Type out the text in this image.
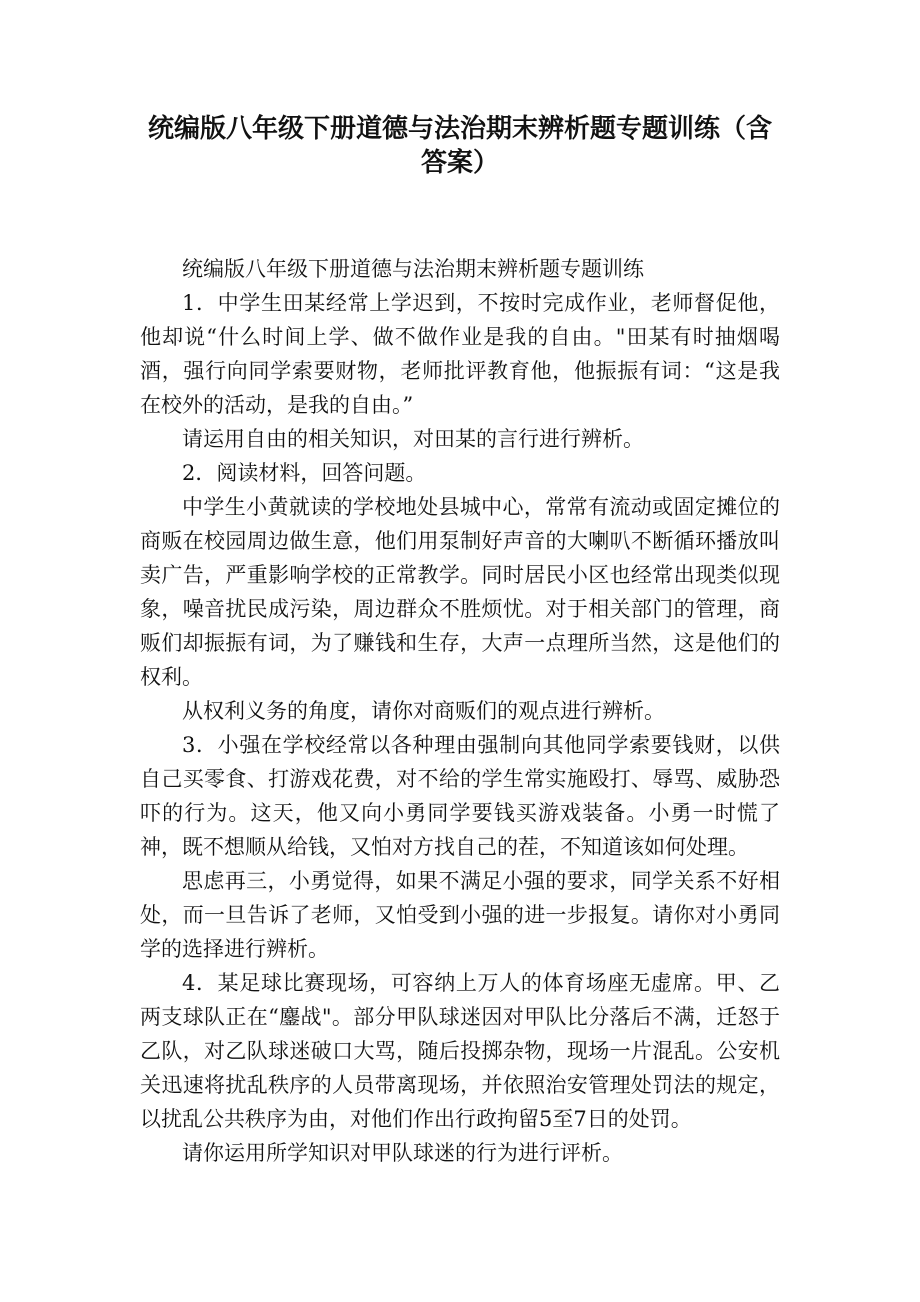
统编版八年级下册道德与法治期末辨析题专题训练（含答案）

统编版八年级下册道德与法治期末辨析题专题训练

1．中学生田某经常上学迟到，不按时完成作业，老师督促他，他却说“什么时间上学、做不做作业是我的自由。"田某有时抽烟喝酒，强行向同学索要财物，老师批评教育他，他振振有词：“这是我在校外的活动，是我的自由。”

请运用自由的相关知识，对田某的言行进行辨析。

2．阅读材料，回答问题。

中学生小黄就读的学校地处县城中心，常常有流动或固定摊位的商贩在校园周边做生意，他们用泵制好声音的大喇叭不断循环播放叫卖广告，严重影响学校的正常教学。同时居民小区也经常出现类似现象，噪音扰民成污染，周边群众不胜烦忧。对于相关部门的管理，商贩们却振振有词，为了赚钱和生存，大声一点理所当然，这是他们的权利。

从权利义务的角度，请你对商贩们的观点进行辨析。

3．小强在学校经常以各种理由强制向其他同学索要钱财，以供自己买零食、打游戏花费，对不给的学生常实施殴打、辱骂、威胁恐吓的行为。这天，他又向小勇同学要钱买游戏装备。小勇一时慌了神，既不想顺从给钱，又怕对方找自己的茬，不知道该如何处理。

思虑再三，小勇觉得，如果不满足小强的要求，同学关系不好相处，而一旦告诉了老师，又怕受到小强的进一步报复。请你对小勇同学的选择进行辨析。

4．某足球比赛现场，可容纳上万人的体育场座无虚席。甲、乙两支球队正在“鏖战"。部分甲队球迷因对甲队比分落后不满，迁怒于乙队，对乙队球迷破口大骂，随后投掷杂物，现场一片混乱。公安机关迅速将扰乱秩序的人员带离现场，并依照治安管理处罚法的规定，以扰乱公共秩序为由，对他们作出行政拘留5至7日的处罚。

请你运用所学知识对甲队球迷的行为进行评析。
